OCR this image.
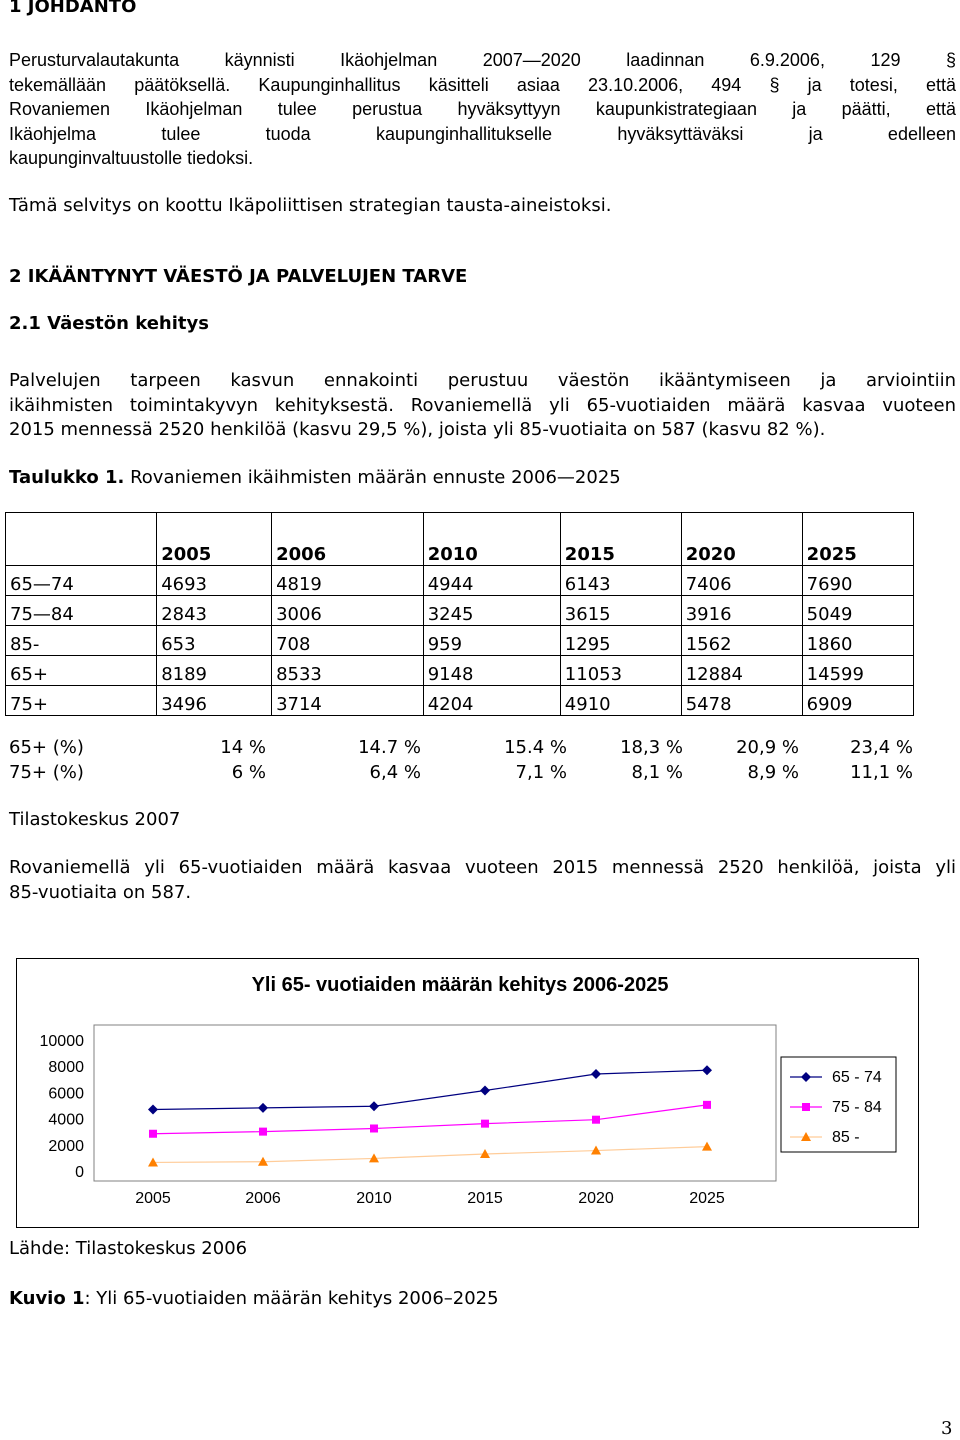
1 JOHDANTO
Perusturvalautakunta käynnisti Ikäohjelman 2007—2020 laadinnan 6.9.2006, 129 §
tekemällään päätöksellä. Kaupunginhallitus käsitteli asiaa 23.10.2006, 494 § ja totesi, että
Rovaniemen Ikäohjelman tulee perustua hyväksyttyyn kaupunkistrategiaan ja päätti, että
Ikäohjelma tulee tuoda kaupunginhallitukselle hyväksyttäväksi ja edelleen
kaupunginvaltuustolle tiedoksi.
Tämä selvitys on koottu Ikäpoliittisen strategian tausta-aineistoksi.
2 IKÄÄNTYNYT VÄESTÖ JA PALVELUJEN TARVE
2.1 Väestön kehitys
Palvelujen tarpeen kasvun ennakointi perustuu väestön ikääntymiseen ja arviointiin
ikäihmisten toimintakyvyn kehityksestä. Rovaniemellä yli 65-vuotiaiden määrä kasvaa vuoteen
2015 mennessä 2520 henkilöä (kasvu 29,5 %), joista yli 85-vuotiaita on 587 (kasvu 82 %).
Taulukko 1. Rovaniemen ikäihmisten määrän ennuste 2006—2025
	2005	2006	2010	2015	2020	2025
65—74	4693	4819	4944	6143	7406	7690
75—84	2843	3006	3245	3615	3916	5049
85-	653	708	959	1295	1562	1860
65+	8189	8533	9148	11053	12884	14599
75+	3496	3714	4204	4910	5478	6909
65+ (%)	14 %	14.7 %	15.4 %	18,3 %	20,9 %	23,4 %
75+ (%)	6 %	6,4 %	7,1 %	8,1 %	8,9 %	11,1 %
Tilastokeskus 2007
Rovaniemellä yli 65-vuotiaiden määrä kasvaa vuoteen 2015 mennessä 2520 henkilöä, joista yli
85-vuotiaita on 587.
Yli 65- vuotiaiden määrän kehitys 2006-2025
10000
8000
6000
4000
2000
0
2005	2006	2010	2015	2020	2025
65 - 74
75 - 84
85 -
Lähde: Tilastokeskus 2006
Kuvio 1: Yli 65-vuotiaiden määrän kehitys 2006–2025
3
